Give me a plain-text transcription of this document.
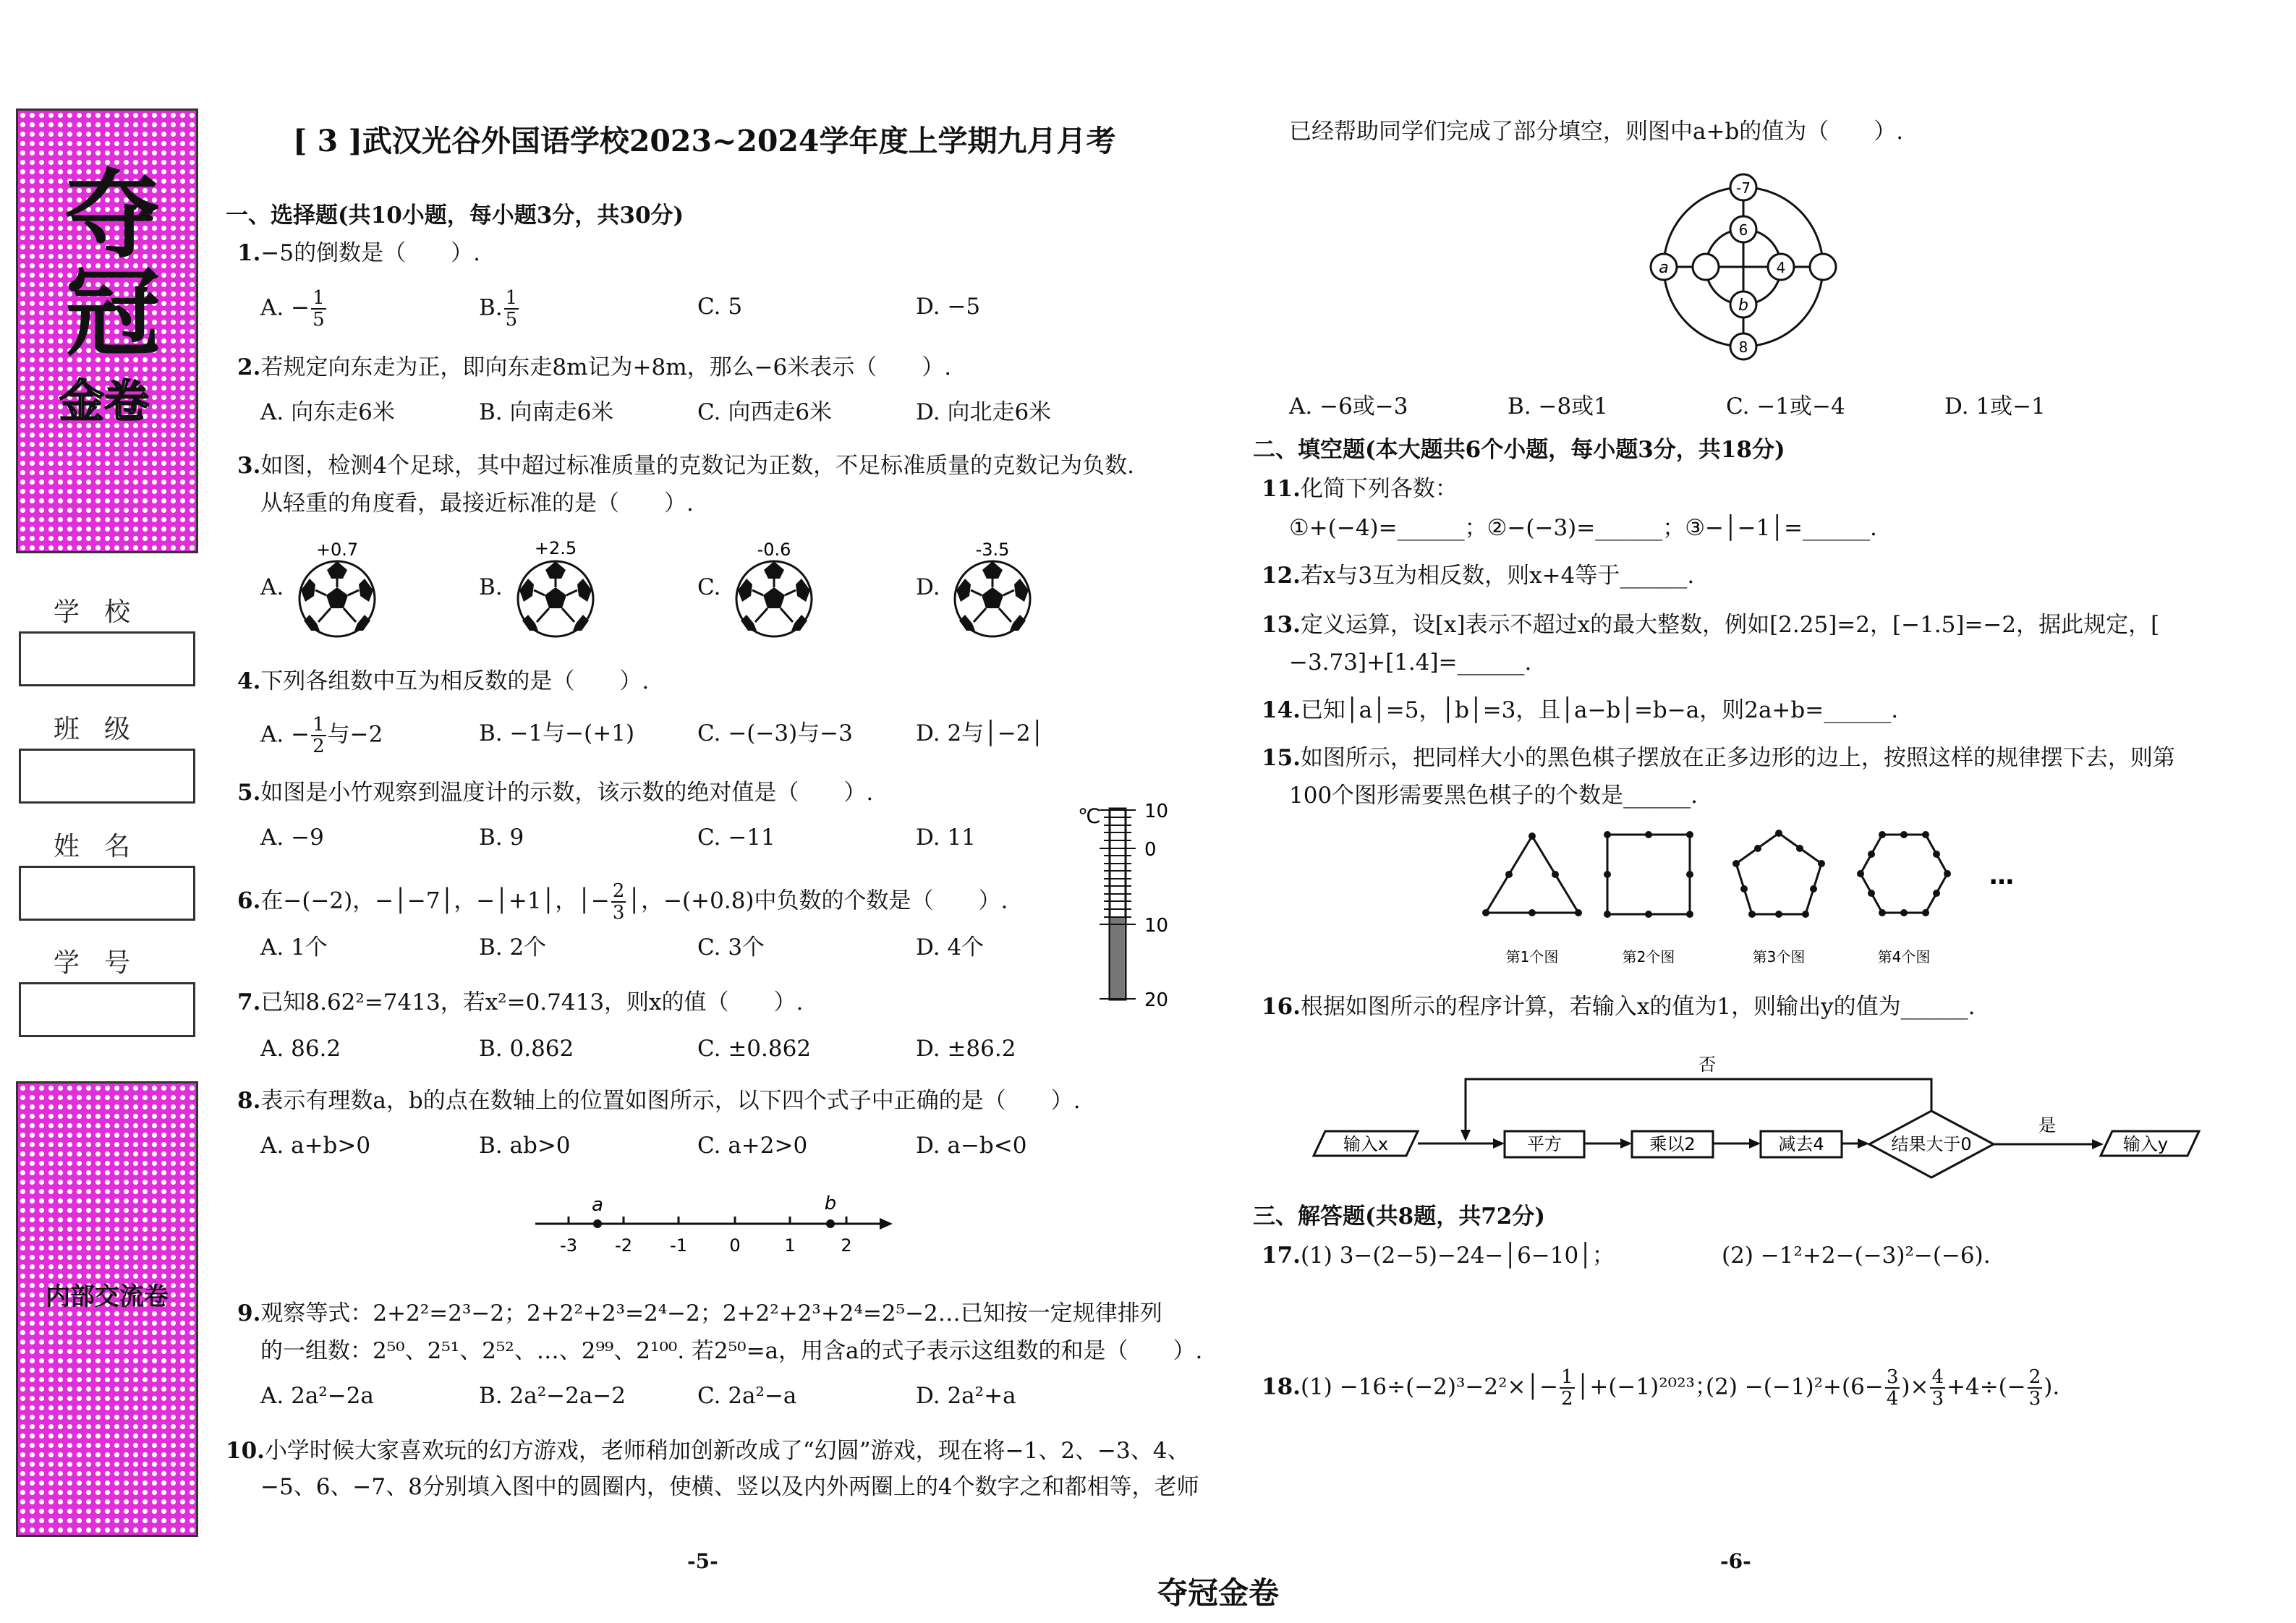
夺冠
金卷
学校
班级
姓名
学号
内部交流卷
[ 3 ]武汉光谷外国语学校2023~2024学年度上学期九月月考
一、选择题(共10小题，每小题3分，共30分)
1.−5的倒数是（　　）.
A. − $\frac{1}{5}$	B. $\frac{1}{5}$	C. 5	D. −5
2.若规定向东走为正，即向东走8m记为+8m，那么−6米表示（　　）.
A. 向东走6米	B. 向南走6米	C. 向西走6米	D. 向北走6米
3.如图，检测4个足球，其中超过标准质量的克数记为正数，不足标准质量的克数记为负数.
从轻重的角度看，最接近标准的是（　　）.
A.	B.	C.	D.
+0.7	+2.5	-0.6	-3.5
4.下列各组数中互为相反数的是（　　）.
A. − $\frac{1}{2}$ 与−2	B. −1与−(+1)	C. −(−3)与−3	D. 2与│−2│
5.如图是小竹观察到温度计的示数，该示数的绝对值是（　　）.
A. −9	B. 9	C. −11	D. 11
℃ 10
0
10
20
6.在−(−2)，−│−7│，−│+1│，│− $\frac{2}{3}$ │，−(+0.8)中负数的个数是（　　）.
A. 1个	B. 2个	C. 3个	D. 4个
7.已知8.62²=7413，若x²=0.7413，则x的值（　　）.
A. 86.2	B. 0.862	C. ±0.862	D. ±86.2
8.表示有理数a，b的点在数轴上的位置如图所示，以下四个式子中正确的是（　　）.
A. a+b>0	B. ab>0	C. a+2>0	D. a−b<0
-3 -2 -1 0	1	2
a	b
9.观察等式：2+2²=2³−2；2+2²+2³=2⁴−2；2+2²+2³+2⁴=2⁵−2…已知按一定规律排列
的一组数：2⁵⁰、2⁵¹、2⁵²、…、2⁹⁹、2¹⁰⁰. 若2⁵⁰=a，用含a的式子表示这组数的和是（　　）.
A. 2a²−2a	B. 2a²−2a−2	C. 2a²−a	D. 2a²+a
10.小学时候大家喜欢玩的幻方游戏，老师稍加创新改成了“幻圆”游戏，现在将−1、2、−3、4、
−5、6、−7、8分别填入图中的圆圈内，使横、竖以及内外两圈上的4个数字之和都相等，老师
-5-
已经帮助同学们完成了部分填空，则图中a+b的值为（　　）.
-7
6
a	4
b
8
A. −6或−3	B. −8或1	C. −1或−4	D. 1或−1
二、填空题(本大题共6个小题，每小题3分，共18分)
11.化简下列各数：
①+(−4)=______；②−(−3)=______；③−│−1│=______.
12.若x与3互为相反数，则x+4等于______.
13.定义运算，设[x]表示不超过x的最大整数，例如[2.25]=2，[−1.5]=−2，据此规定，[
−3.73]+[1.4]=______.
14.已知│a│=5，│b│=3，且│a−b│=b−a，则2a+b=______.
15.如图所示，把同样大小的黑色棋子摆放在正多边形的边上，按照这样的规律摆下去，则第
100个图形需要黑色棋子的个数是______.
…
第1个图	第2个图	第3个图	第4个图
16.根据如图所示的程序计算，若输入x的值为1，则输出y的值为______.
输入x	平方	乘以2	减去4	结果大于0	输入y
是
否
三、解答题(共8题，共72分)
17.(1) 3−(2−5)−24−│6−10│；	(2) −1²+2−(−3)²−(−6).
18.(1) −16÷(−2)³−2²×│− $\frac{1}{2}$ │+(−1)²⁰²³；
$(2) -(-1)^2+(6- \frac{3}{4}$ )× $\frac{4}{3} +4\div(- \frac{2}{3}$ ).
-6-
夺冠金卷
